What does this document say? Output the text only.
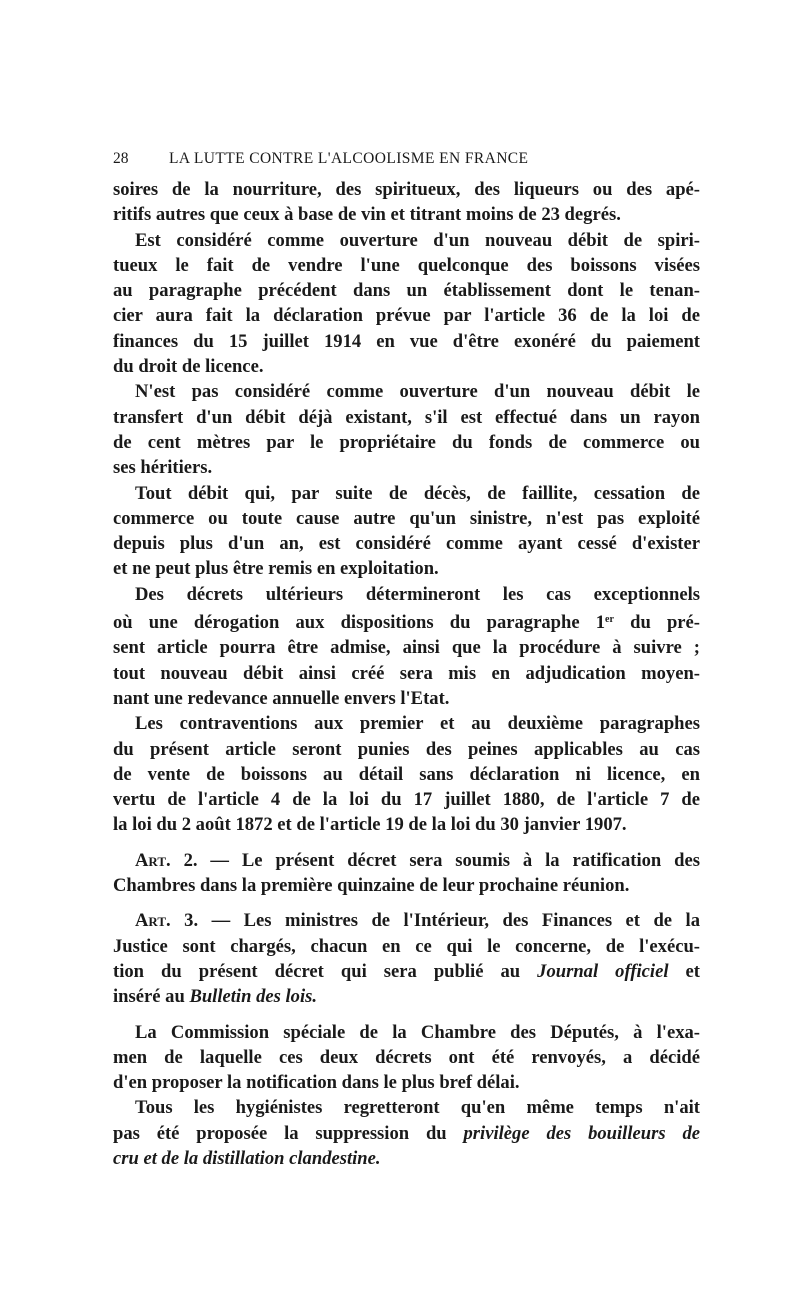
28	LA LUTTE CONTRE L'ALCOOLISME EN FRANCE
soires de la nourriture, des spiritueux, des liqueurs ou des apé-
ritifs autres que ceux à base de vin et titrant moins de 23 degrés.
Est considéré comme ouverture d'un nouveau débit de spiri-
tueux le fait de vendre l'une quelconque des boissons visées
au paragraphe précédent dans un établissement dont le tenan-
cier aura fait la déclaration prévue par l'article 36 de la loi de
finances du 15 juillet 1914 en vue d'être exonéré du paiement
du droit de licence.
N'est pas considéré comme ouverture d'un nouveau débit le
transfert d'un débit déjà existant, s'il est effectué dans un rayon
de cent mètres par le propriétaire du fonds de commerce ou
ses héritiers.
Tout débit qui, par suite de décès, de faillite, cessation de
commerce ou toute cause autre qu'un sinistre, n'est pas exploité
depuis plus d'un an, est considéré comme ayant cessé d'exister
et ne peut plus être remis en exploitation.
Des décrets ultérieurs détermineront les cas exceptionnels
où une dérogation aux dispositions du paragraphe 1er du pré-
sent article pourra être admise, ainsi que la procédure à suivre ;
tout nouveau débit ainsi créé sera mis en adjudication moyen-
nant une redevance annuelle envers l'Etat.
Les contraventions aux premier et au deuxième paragraphes
du présent article seront punies des peines applicables au cas
de vente de boissons au détail sans déclaration ni licence, en
vertu de l'article 4 de la loi du 17 juillet 1880, de l'article 7 de
la loi du 2 août 1872 et de l'article 19 de la loi du 30 janvier 1907.
Art. 2. — Le présent décret sera soumis à la ratification des
Chambres dans la première quinzaine de leur prochaine réunion.
Art. 3. — Les ministres de l'Intérieur, des Finances et de la
Justice sont chargés, chacun en ce qui le concerne, de l'exécu-
tion du présent décret qui sera publié au Journal officiel et
inséré au Bulletin des lois.
La Commission spéciale de la Chambre des Députés, à l'exa-
men de laquelle ces deux décrets ont été renvoyés, a décidé
d'en proposer la notification dans le plus bref délai.
Tous les hygiénistes regretteront qu'en même temps n'ait
pas été proposée la suppression du privilège des bouilleurs de
cru et de la distillation clandestine.
